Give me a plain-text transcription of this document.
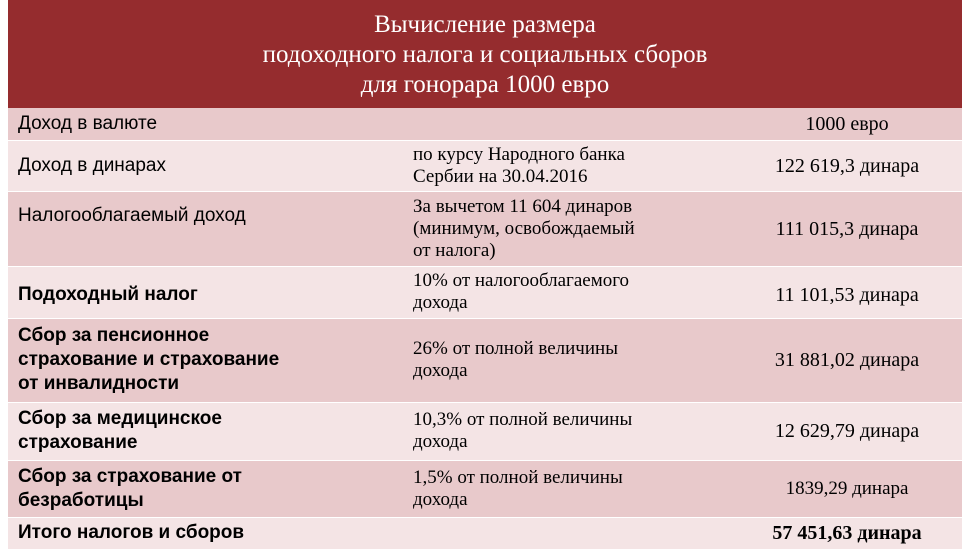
Вычисление размера
подоходного налога и социальных сборов
для гонорара 1000 евро
Доход в валюте		1000 евро

Доход в динарах	по курсу Народного банка
Сербии на 30.04.2016	122 619,3 динара

Налогооблагаемый доход	За вычетом 11 604 динаров
(минимум, освобождаемый
от налога)	111 015,3 динара

Подоходный налог	10% от налогооблагаемого
дохода	11 101,53 динара

Сбор за пенсионное
страхование и страхование
от инвалидности	26% от полной величины
дохода	31 881,02 динара

Сбор за медицинское
страхование	10,3% от полной величины
дохода	12 629,79 динара

Сбор за страхование от
безработицы	1,5% от полной величины
дохода	1839,29 динара

Итого налогов и сборов		57 451,63 динара
